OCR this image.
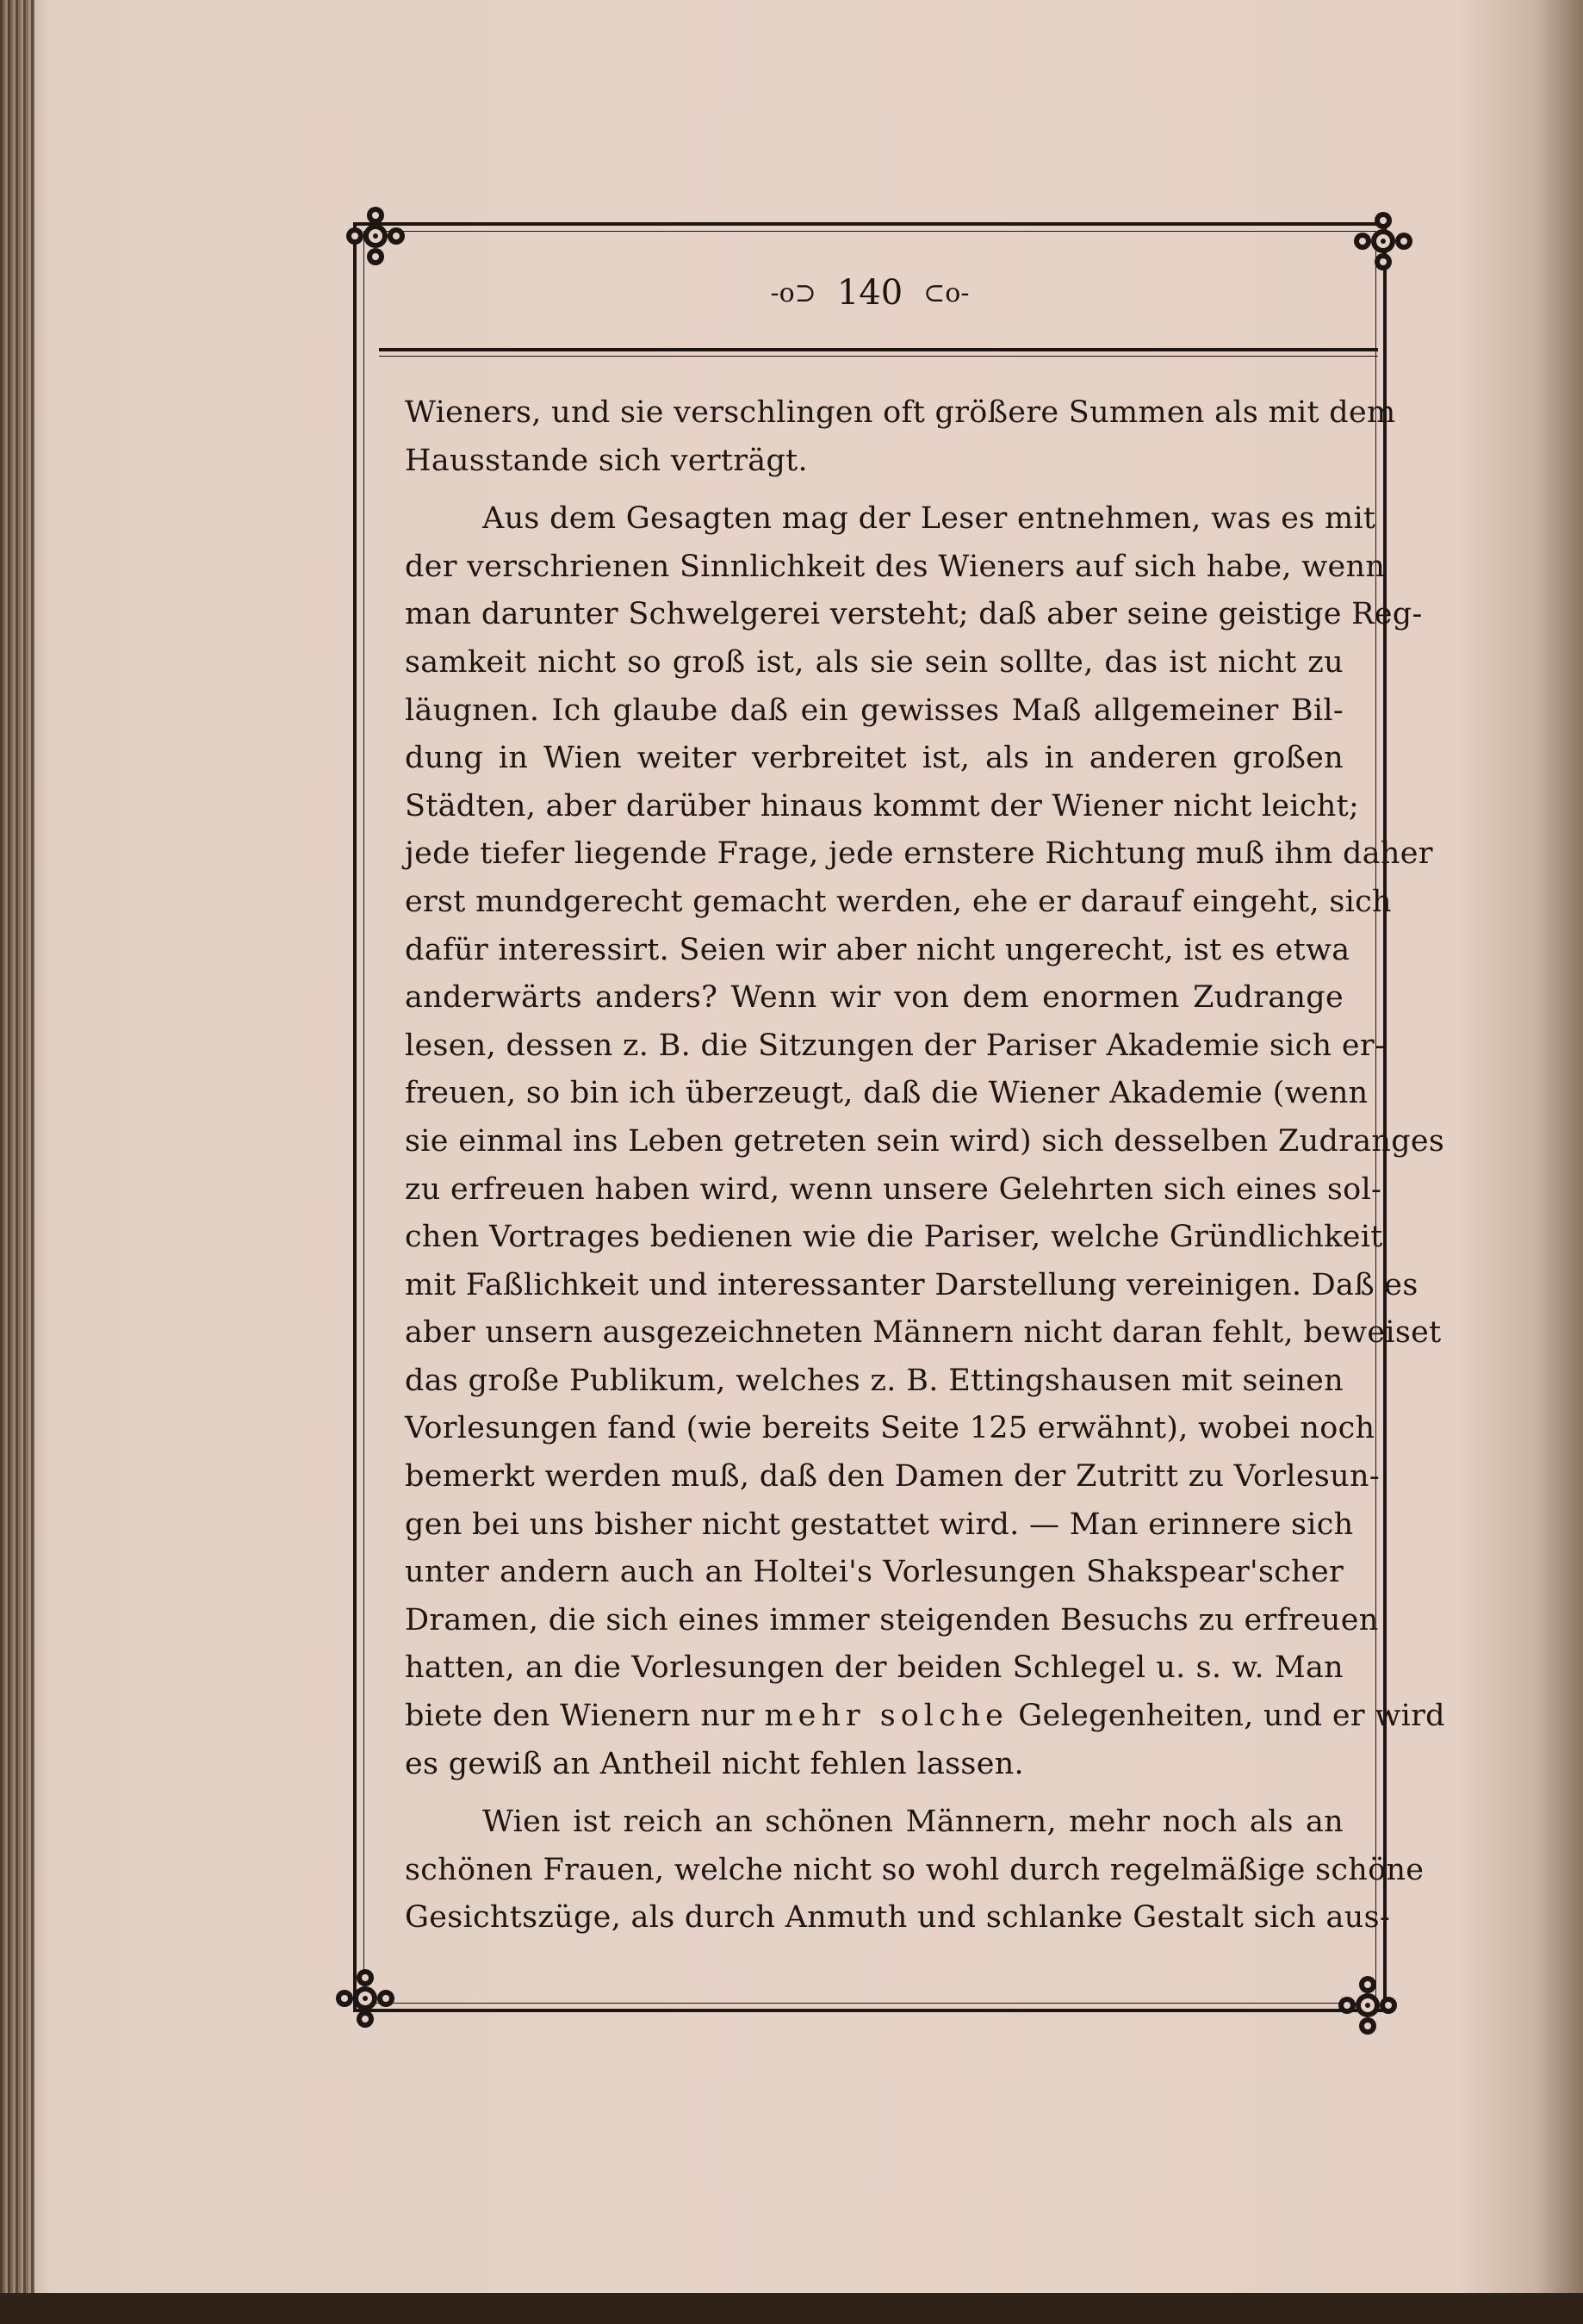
-o⊃ 140 ⊂o-
Wieners, und sie verschlingen oft größere Summen als mit dem
Hausstande sich verträgt.
Aus dem Gesagten mag der Leser entnehmen, was es mit
der verschrienen Sinnlichkeit des Wieners auf sich habe, wenn
man darunter Schwelgerei versteht; daß aber seine geistige Reg-
samkeit nicht so groß ist, als sie sein sollte, das ist nicht zu
läugnen. Ich glaube daß ein gewisses Maß allgemeiner Bil-
dung in Wien weiter verbreitet ist, als in anderen großen
Städten, aber darüber hinaus kommt der Wiener nicht leicht;
jede tiefer liegende Frage, jede ernstere Richtung muß ihm daher
erst mundgerecht gemacht werden, ehe er darauf eingeht, sich
dafür interessirt. Seien wir aber nicht ungerecht, ist es etwa
anderwärts anders? Wenn wir von dem enormen Zudrange
lesen, dessen z. B. die Sitzungen der Pariser Akademie sich er-
freuen, so bin ich überzeugt, daß die Wiener Akademie (wenn
sie einmal ins Leben getreten sein wird) sich desselben Zudranges
zu erfreuen haben wird, wenn unsere Gelehrten sich eines sol-
chen Vortrages bedienen wie die Pariser, welche Gründlichkeit
mit Faßlichkeit und interessanter Darstellung vereinigen. Daß es
aber unsern ausgezeichneten Männern nicht daran fehlt, beweiset
das große Publikum, welches z. B. Ettingshausen mit seinen
Vorlesungen fand (wie bereits Seite 125 erwähnt), wobei noch
bemerkt werden muß, daß den Damen der Zutritt zu Vorlesun-
gen bei uns bisher nicht gestattet wird. — Man erinnere sich
unter andern auch an Holtei's Vorlesungen Shakspear'scher
Dramen, die sich eines immer steigenden Besuchs zu erfreuen
hatten, an die Vorlesungen der beiden Schlegel u. s. w. Man
biete den Wienern nur mehr solche Gelegenheiten, und er wird
es gewiß an Antheil nicht fehlen lassen.
Wien ist reich an schönen Männern, mehr noch als an
schönen Frauen, welche nicht so wohl durch regelmäßige schöne
Gesichtszüge, als durch Anmuth und schlanke Gestalt sich aus-
